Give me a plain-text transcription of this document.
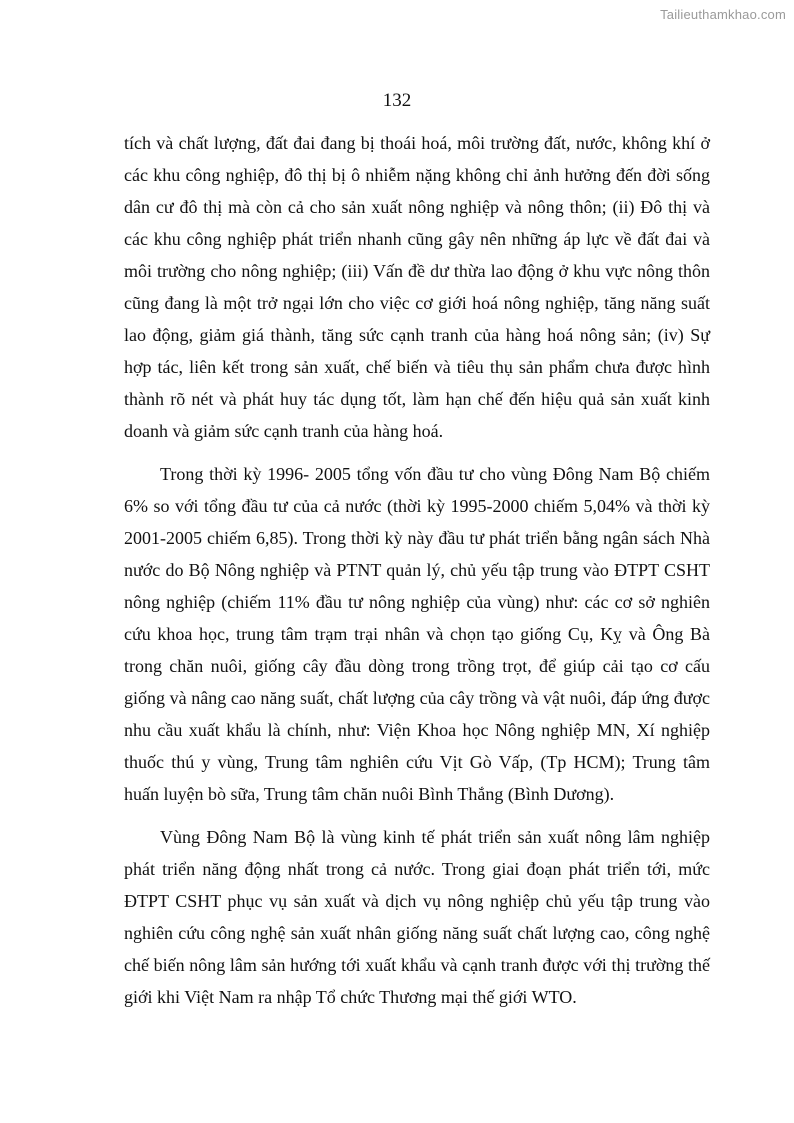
Tailieuthamkhao.com
132

tích và chất lượng, đất đai đang bị thoái hoá, môi trường đất, nước, không khí ở các khu công nghiệp, đô thị bị ô nhiễm nặng không chỉ ảnh hưởng đến đời sống dân cư đô thị mà còn cả cho sản xuất nông nghiệp và nông thôn; (ii) Đô thị và các khu công nghiệp phát triển nhanh cũng gây nên những áp lực về đất đai và môi trường cho nông nghiệp; (iii) Vấn đề dư thừa lao động ở khu vực nông thôn cũng đang là một trở ngại lớn cho việc cơ giới hoá nông nghiệp, tăng năng suất lao động, giảm giá thành, tăng sức cạnh tranh của hàng hoá nông sản; (iv) Sự hợp tác, liên kết trong sản xuất, chế biến và tiêu thụ sản phẩm chưa được hình thành rõ nét và phát huy tác dụng tốt, làm hạn chế đến hiệu quả sản xuất kinh doanh và giảm sức cạnh tranh của hàng hoá.

Trong thời kỳ 1996- 2005 tổng vốn đầu tư cho vùng Đông Nam Bộ chiếm 6% so với tổng đầu tư của cả nước (thời kỳ 1995-2000 chiếm 5,04% và thời kỳ 2001-2005 chiếm 6,85). Trong thời kỳ này đầu tư phát triển bằng ngân sách Nhà nước do Bộ Nông nghiệp và PTNT quản lý, chủ yếu tập trung vào ĐTPT CSHT nông nghiệp (chiếm 11% đầu tư nông nghiệp của vùng) như: các cơ sở nghiên cứu khoa học, trung tâm trạm trại nhân và chọn tạo giống Cụ, Kỵ và Ông Bà trong chăn nuôi, giống cây đầu dòng trong trồng trọt, để giúp cải tạo cơ cấu giống và nâng cao năng suất, chất lượng của cây trồng và vật nuôi, đáp ứng được nhu cầu xuất khẩu là chính, như: Viện Khoa học Nông nghiệp MN, Xí nghiệp thuốc thú y vùng, Trung tâm nghiên cứu Vịt Gò Vấp, (Tp HCM); Trung tâm huấn luyện bò sữa, Trung tâm chăn nuôi Bình Thắng (Bình Dương).

Vùng Đông Nam Bộ là vùng kinh tế phát triển sản xuất nông lâm nghiệp phát triển năng động nhất trong cả nước. Trong giai đoạn phát triển tới, mức ĐTPT CSHT phục vụ sản xuất và dịch vụ nông nghiệp chủ yếu tập trung vào nghiên cứu công nghệ sản xuất nhân giống năng suất chất lượng cao, công nghệ chế biến nông lâm sản hướng tới xuất khẩu và cạnh tranh được với thị trường thế giới khi Việt Nam ra nhập Tổ chức Thương mại thế giới WTO.
